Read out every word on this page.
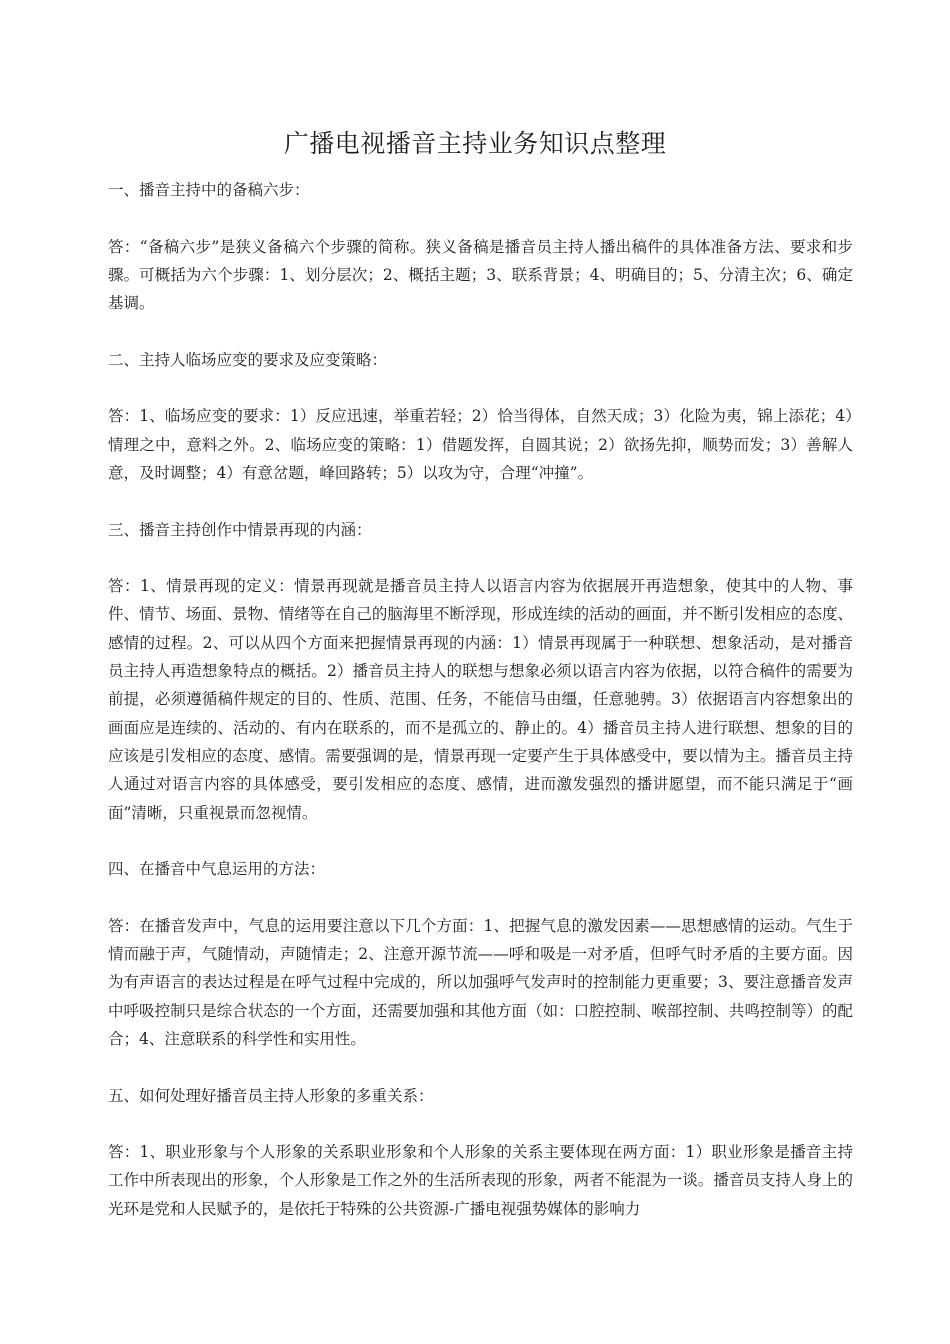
广播电视播音主持业务知识点整理

一、播音主持中的备稿六步：

答：“备稿六步”是狭义备稿六个步骤的简称。狭义备稿是播音员主持人播出稿件的具体准备方法、要求和步骤。可概括为六个步骤：1、划分层次；2、概括主题；3、联系背景；4、明确目的；5、分清主次；6、确定基调。

二、主持人临场应变的要求及应变策略：

答：1、临场应变的要求：1）反应迅速，举重若轻；2）恰当得体，自然天成；3）化险为夷，锦上添花；4）情理之中，意料之外。2、临场应变的策略：1）借题发挥，自圆其说；2）欲扬先抑，顺势而发；3）善解人意，及时调整；4）有意岔题，峰回路转；5）以攻为守，合理“冲撞”。

三、播音主持创作中情景再现的内涵：

答：1、情景再现的定义：情景再现就是播音员主持人以语言内容为依据展开再造想象，使其中的人物、事件、情节、场面、景物、情绪等在自己的脑海里不断浮现，形成连续的活动的画面，并不断引发相应的态度、感情的过程。2、可以从四个方面来把握情景再现的内涵：1）情景再现属于一种联想、想象活动，是对播音员主持人再造想象特点的概括。2）播音员主持人的联想与想象必须以语言内容为依据，以符合稿件的需要为前提，必须遵循稿件规定的目的、性质、范围、任务，不能信马由缰，任意驰骋。3）依据语言内容想象出的画面应是连续的、活动的、有内在联系的，而不是孤立的、静止的。4）播音员主持人进行联想、想象的目的应该是引发相应的态度、感情。需要强调的是，情景再现一定要产生于具体感受中，要以情为主。播音员主持人通过对语言内容的具体感受，要引发相应的态度、感情，进而激发强烈的播讲愿望，而不能只满足于“画面”清晰，只重视景而忽视情。

四、在播音中气息运用的方法：

答：在播音发声中，气息的运用要注意以下几个方面：1、把握气息的激发因素——思想感情的运动。气生于情而融于声，气随情动，声随情走；2、注意开源节流——呼和吸是一对矛盾，但呼气时矛盾的主要方面。因为有声语言的表达过程是在呼气过程中完成的，所以加强呼气发声时的控制能力更重要；3、要注意播音发声中呼吸控制只是综合状态的一个方面，还需要加强和其他方面（如：口腔控制、喉部控制、共鸣控制等）的配合；4、注意联系的科学性和实用性。

五、如何处理好播音员主持人形象的多重关系：

答：1、职业形象与个人形象的关系职业形象和个人形象的关系主要体现在两方面：1）职业形象是播音主持工作中所表现出的形象，个人形象是工作之外的生活所表现的形象，两者不能混为一谈。播音员支持人身上的光环是党和人民赋予的，是依托于特殊的公共资源-广播电视强势媒体的影响力
